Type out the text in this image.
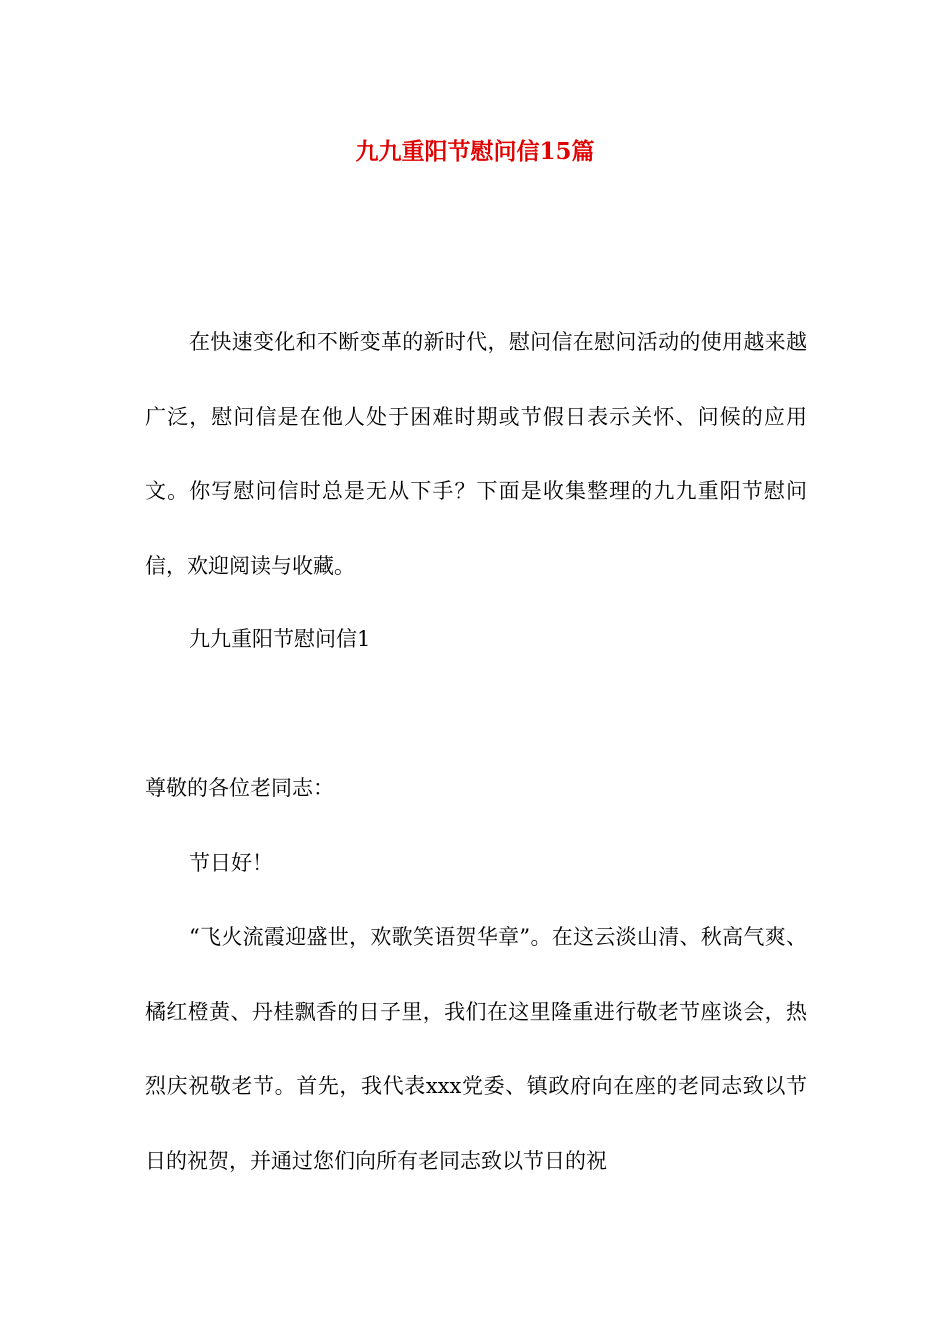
九九重阳节慰问信15篇

在快速变化和不断变革的新时代，慰问信在慰问活动的使用越来越广泛，慰问信是在他人处于困难时期或节假日表示关怀、问候的应用文。你写慰问信时总是无从下手？下面是收集整理的九九重阳节慰问信，欢迎阅读与收藏。

九九重阳节慰问信1

尊敬的各位老同志：

节日好！

“飞火流霞迎盛世，欢歌笑语贺华章”。在这云淡山清、秋高气爽、橘红橙黄、丹桂飘香的日子里，我们在这里隆重进行敬老节座谈会，热烈庆祝敬老节。首先，我代表xxx党委、镇政府向在座的老同志致以节日的祝贺，并通过您们向所有老同志致以节日的祝
